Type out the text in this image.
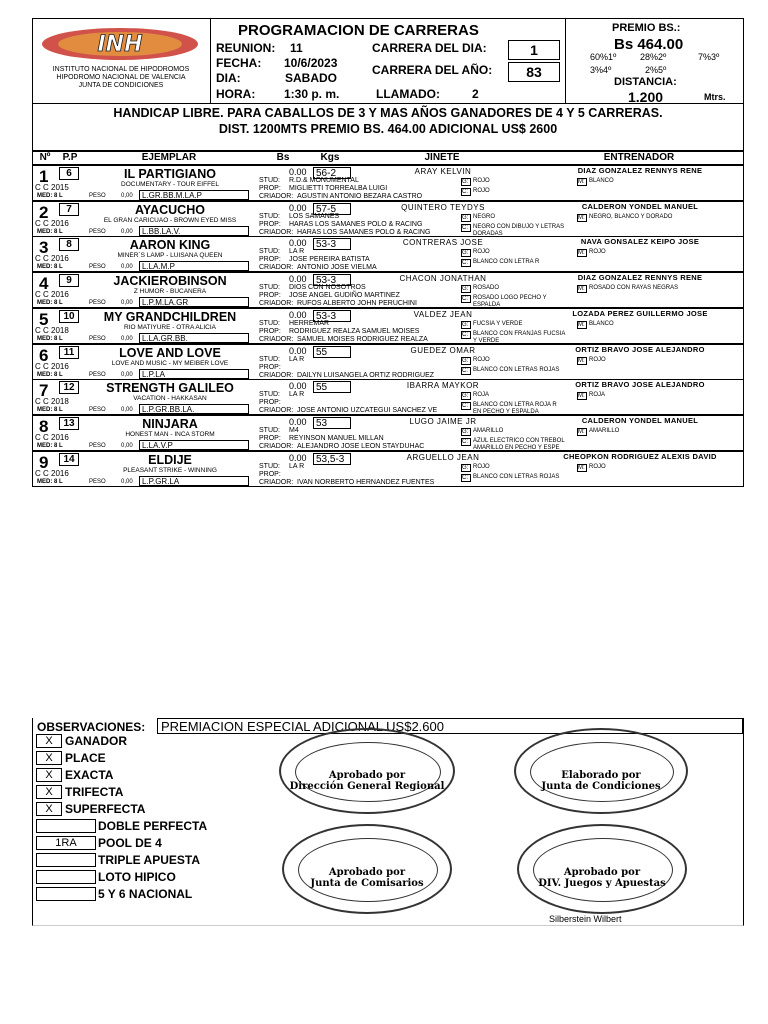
INH
INSTITUTO NACIONAL DE HIPODROMOS
HIPODROMO NACIONAL DE VALENCIA
JUNTA DE CONDICIONES
PROGRAMACION DE CARRERAS
REUNION: 11
FECHA: 10/6/2023
DIA:	SABADO
HORA: 1:30 p. m.	LLAMADO:	2
CARRERA DEL DIA:	1
CARRERA DEL AÑO:	83
PREMIO BS.:
Bs 464.00
60%1º	28%2º	7%3º
3%4º	2%5º
DISTANCIA:
1.200	Mtrs.
HANDICAP LIBRE. PARA CABALLOS DE 3 Y MAS AÑOS GANADORES DE 4 Y 5 CARRERAS.
DIST. 1200MTS PREMIO BS. 464.00 ADICIONAL US$ 2600
Nº	P.P	EJEMPLAR	Bs	Kgs	JINETE	ENTRENADOR
1	6
C C 2015
MED: 8 L
IL PARTIGIANO
DOCUMENTARY - TOUR EIFFEL
PESO	0,00	L.GR.BB.M.LA.P
0.00 56-2	ARAY KELVIN	DIAZ GONZALEZ RENNYS RENE
STUD: R.D.& MONUMENTAL
PROP: MIGLIETTI TORREALBA LUIGI
CRIADOR: AGUSTIN ANTONIO BEZARA CASTRO
G: ROJO
C: ROJO
M: BLANCO
2	7
C C 2016
MED: 8 L
AYACUCHO
EL GRAN CARICUAO - BROWN EYED MISS
PESO	0,00	L.BB.LA.V.
0.00 57-5	QUINTERO TEYDYS	CALDERON YONDEL MANUEL
STUD: LOS SAMANES
PROP: HARAS LOS SAMANES POLO & RACING
CRIADOR: HARAS LOS SAMANES POLO & RACING
G: NEGRO
C: NEGRO CON DIBUJO Y LETRAS DORADAS
M: NEGRO, BLANCO Y DORADO
3	8
C C 2016
MED: 8 L
AARON KING
MINER´S LAMP - LUISANA QUEEN
PESO	0,00	L.LA.M.P
0.00 53-3	CONTRERAS JOSE	NAVA GONSALEZ KEIPO JOSE
STUD: LA R
PROP: JOSE PEREIRA BATISTA
CRIADOR: ANTONIO JOSE VIELMA
G: ROJO
C: BLANCO CON LETRA R
M: ROJO
4	9
C C 2016
MED: 8 L
JACKIEROBINSON
Z HUMOR - BUCANERA
PESO	0,00	L.P.M.LA.GR
0.00 53-3	CHACON JONATHAN	DIAZ GONZALEZ RENNYS RENE
STUD: DIOS CON NOSOTROS
PROP: JOSE ANGEL GUDIÑO MARTINEZ
CRIADOR: RUFOS ALBERTO JOHN PERUCHINI
G: ROSADO
C: ROSADO LOGO PECHO Y ESPALDA
M: ROSADO CON RAYAS NEGRAS
5	10
C C 2018
MED: 8 L
MY GRANDCHILDREN
RIO MATIYURE - OTRA ALICIA
PESO	0,00	L.LA.GR.BB.
0.00 53-3	VALDEZ JEAN	LOZADA PEREZ GUILLERMO JOSE
STUD: HERREMAR
PROP: RODRIGUEZ REALZA SAMUEL MOISES
CRIADOR: SAMUEL MOISES RODRIGUEZ REALZA
G: FUCSIA Y VERDE
C: BLANCO CON FRANJAS FUCSIA Y VERDE
M: BLANCO
6	11
C C 2016
MED: 8 L
LOVE AND LOVE
LOVE AND MUSIC - MY MEIBER LOVE
PESO	0,00	L.P.LA
0.00 55	GUEDEZ OMAR	ORTIZ BRAVO JOSE ALEJANDRO
STUD: LA R
PROP:
CRIADOR: DAILYN LUISANGELA ORTIZ RODRIGUEZ
G: ROJO
C: BLANCO CON LETRAS ROJAS
M: ROJO
7	12
C C 2018
MED: 8 L
STRENGTH GALILEO
VACATION - HAKKASAN
PESO	0,00	L.P.GR.BB.LA.
0.00 55	IBARRA MAYKOR	ORTIZ BRAVO JOSE ALEJANDRO
STUD: LA R
PROP:
CRIADOR: JOSE ANTONIO UZCATEGUI SANCHEZ VE
G: ROJA
C: BLANCO CON LETRA ROJA R EN PECHO Y ESPALDA
M: ROJA
8	13
C C 2016
MED: 8 L
NINJARA
HONEST MAN - INCA STORM
PESO	0,00	L.LA.V.P
0.00 53	LUGO JAIME JR	CALDERON YONDEL MANUEL
STUD: M4
PROP: REYINSON MANUEL MILLAN
CRIADOR: ALEJANDRO JOSE LEON STAYDUHAC
G: AMARILLO
C: AZUL ELECTRICO CON TREBOL AMARILLO EN PECHO Y ESPE
M: AMARILLO
9	14
C C 2016
MED: 8 L
ELDIJE
PLEASANT STRIKE - WINNING
PESO	0,00	L.P.GR.LA
0.00 53,5-3	ARGUELLO JEAN	CHEOPKON RODRIGUEZ ALEXIS DAVID
STUD: LA R
PROP:
CRIADOR: IVAN NORBERTO HERNANDEZ FUENTES
G: ROJO
C: BLANCO CON LETRAS ROJAS
M: ROJO
OBSERVACIONES:	PREMIACION ESPECIAL ADICIONAL US$2.600
X	GANADOR
X	PLACE
X	EXACTA
X	TRIFECTA
X	SUPERFECTA
DOBLE PERFECTA
1RA	POOL DE 4
TRIPLE APUESTA
LOTO HIPICO
5 Y 6 NACIONAL
Aprobado por
Dirección General Regional
Elaborado por
Junta de Condiciones
Aprobado por
Junta de Comisarios
Aprobado por
DIV. Juegos y Apuestas
Silberstein Wilbert
